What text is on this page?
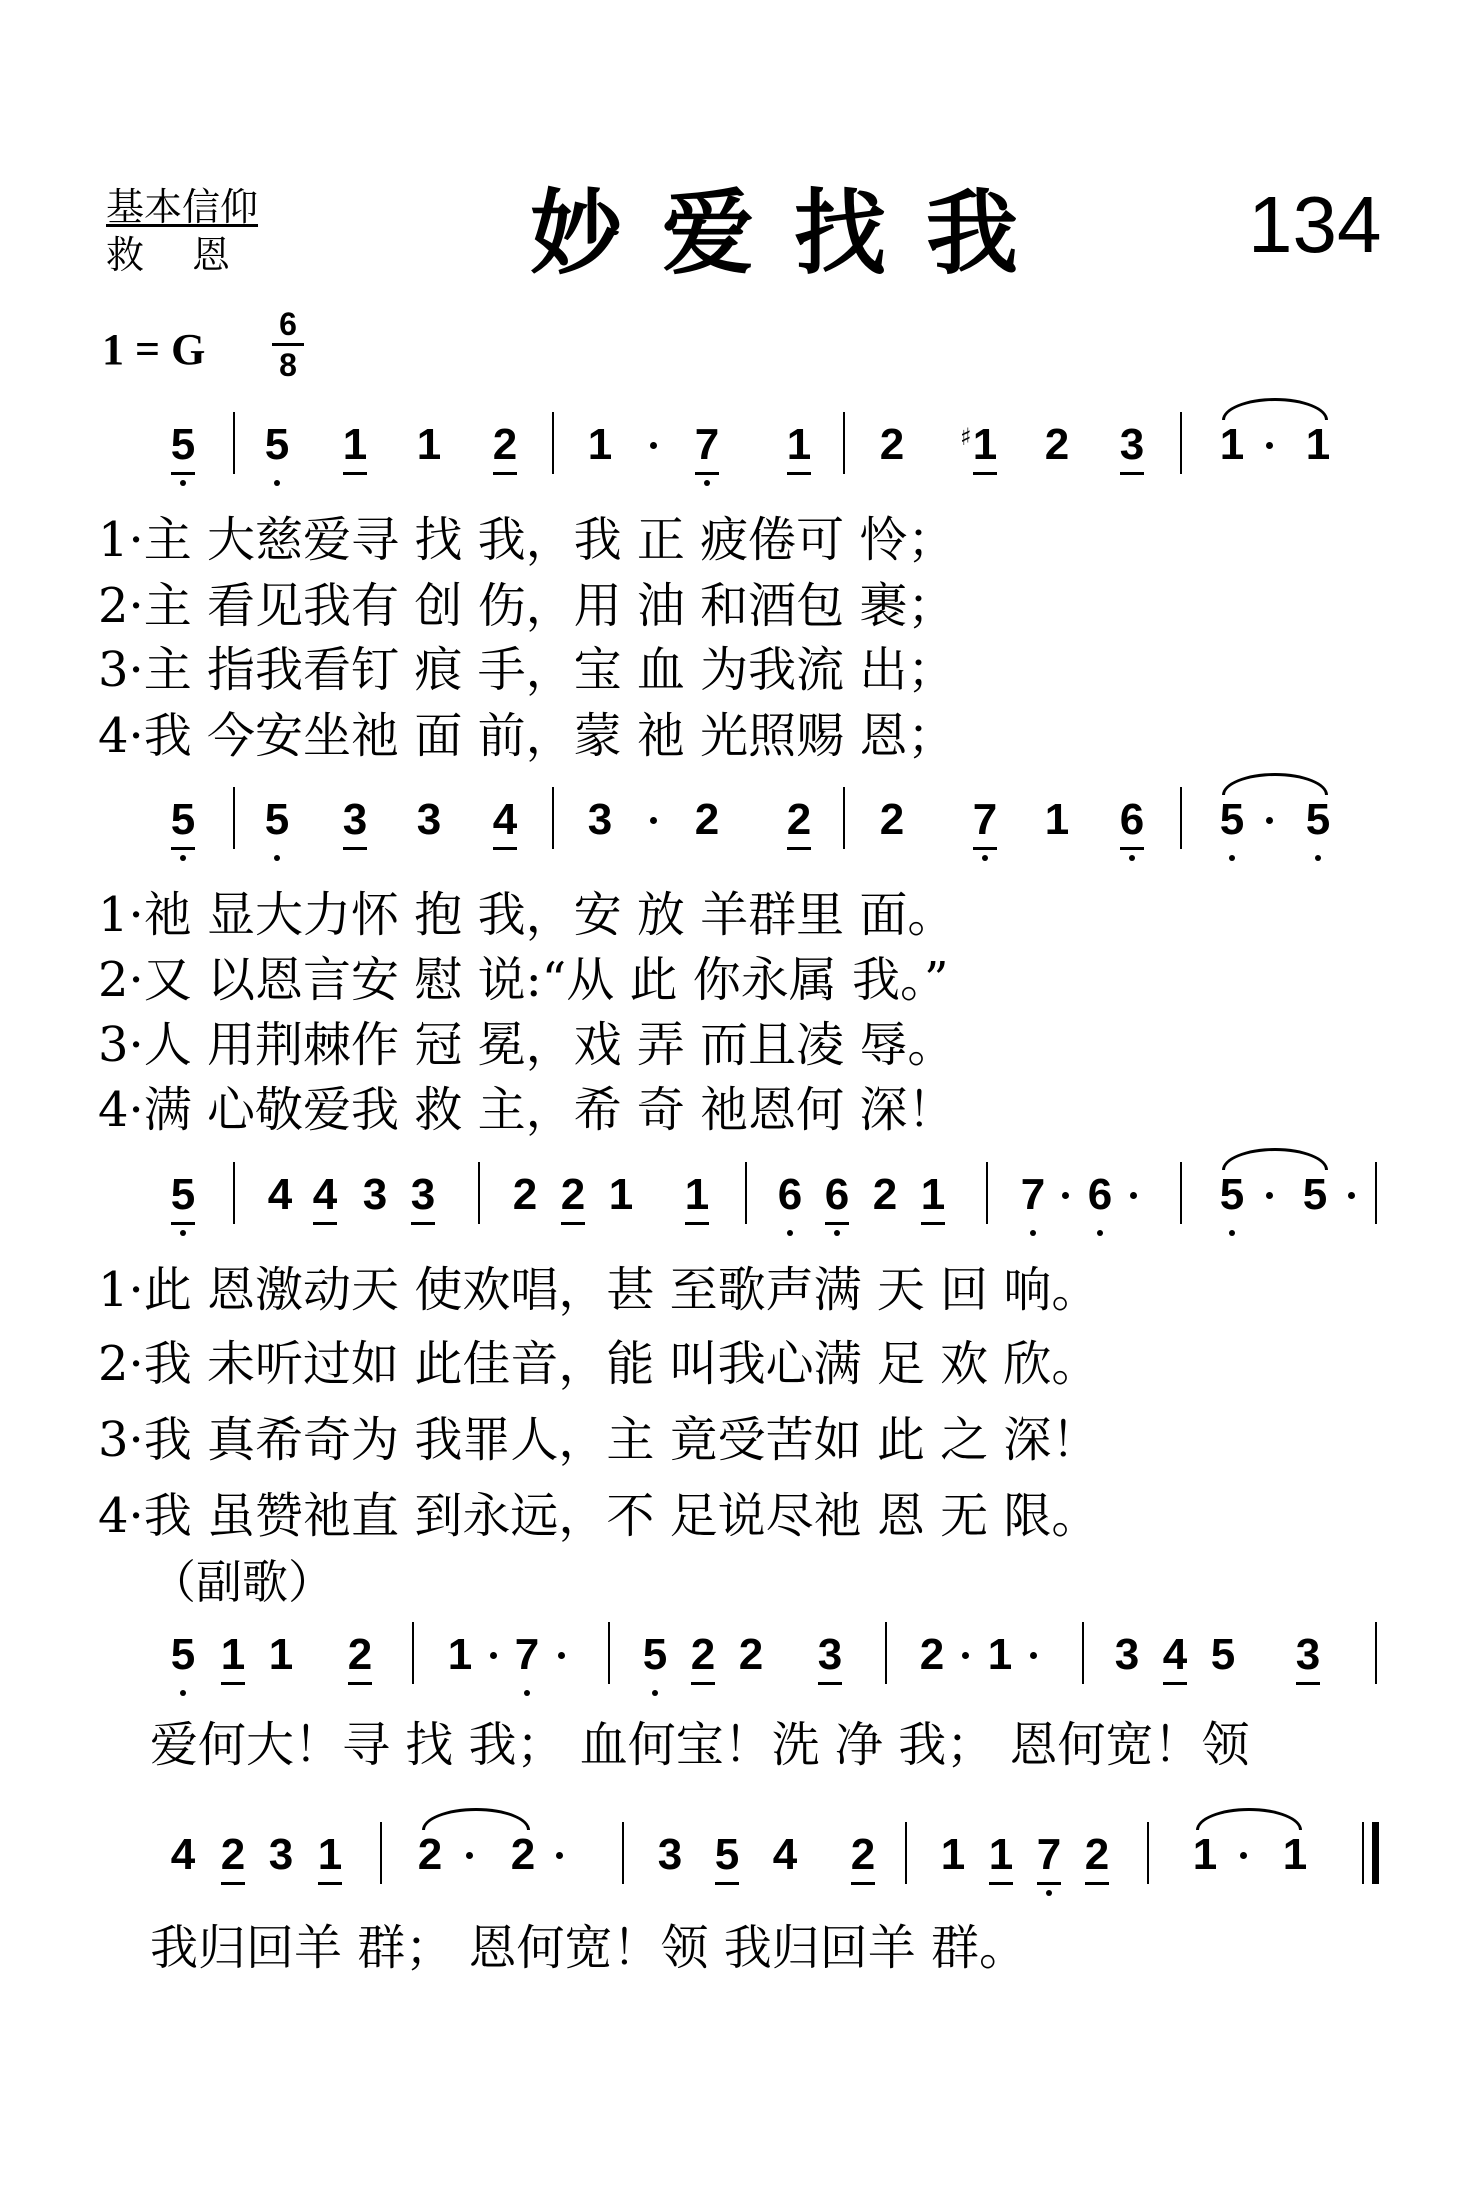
基本信仰
救恩	妙爱找我 134
1 = G
6
8
5 5 1 1 2 1 7 1 2 ♯ 1 2 3 1 1
1·主 大慈爱寻 找 我，我 正 疲倦可 怜；
2·主 看见我有 创 伤，用 油 和酒包 裹；
3·主 指我看钉 痕 手，宝 血 为我流 出；
4·我 今安坐祂 面 前，蒙 祂 光照赐 恩；
5 5 3 3 4 3 2 2 2 7 1 6 5 5
1·祂 显大力怀 抱 我，安 放 羊群里 面。
2·又 以恩言安 慰 说:“从 此 你永属 我。”
3·人 用荆棘作 冠 冕，戏 弄 而且凌 辱。
4·满 心敬爱我 救 主，希 奇 祂恩何 深！
5 4 4 3 3 2 2 1 1 6 6 2 1 7 6 5 5
1·此 恩激动天 使欢唱，甚 至歌声满 天 回 响。
2·我 未听过如 此佳音，能 叫我心满 足 欢 欣。
3·我 真希奇为 我罪人，主 竟受苦如 此 之 深！
4·我 虽赞祂直 到永远，不 足说尽祂 恩 无 限。
（副歌）
5 1 1 2 1 7 5 2 2 3 2 1 3 4 5 3
爱何大！寻 找 我； 血何宝！洗 净 我； 恩何宽！领
4 2 3 1 2 2	3 5 4 2 1 1 7 2 1 1
我归回羊 群； 恩何宽！领 我归回羊 群。
